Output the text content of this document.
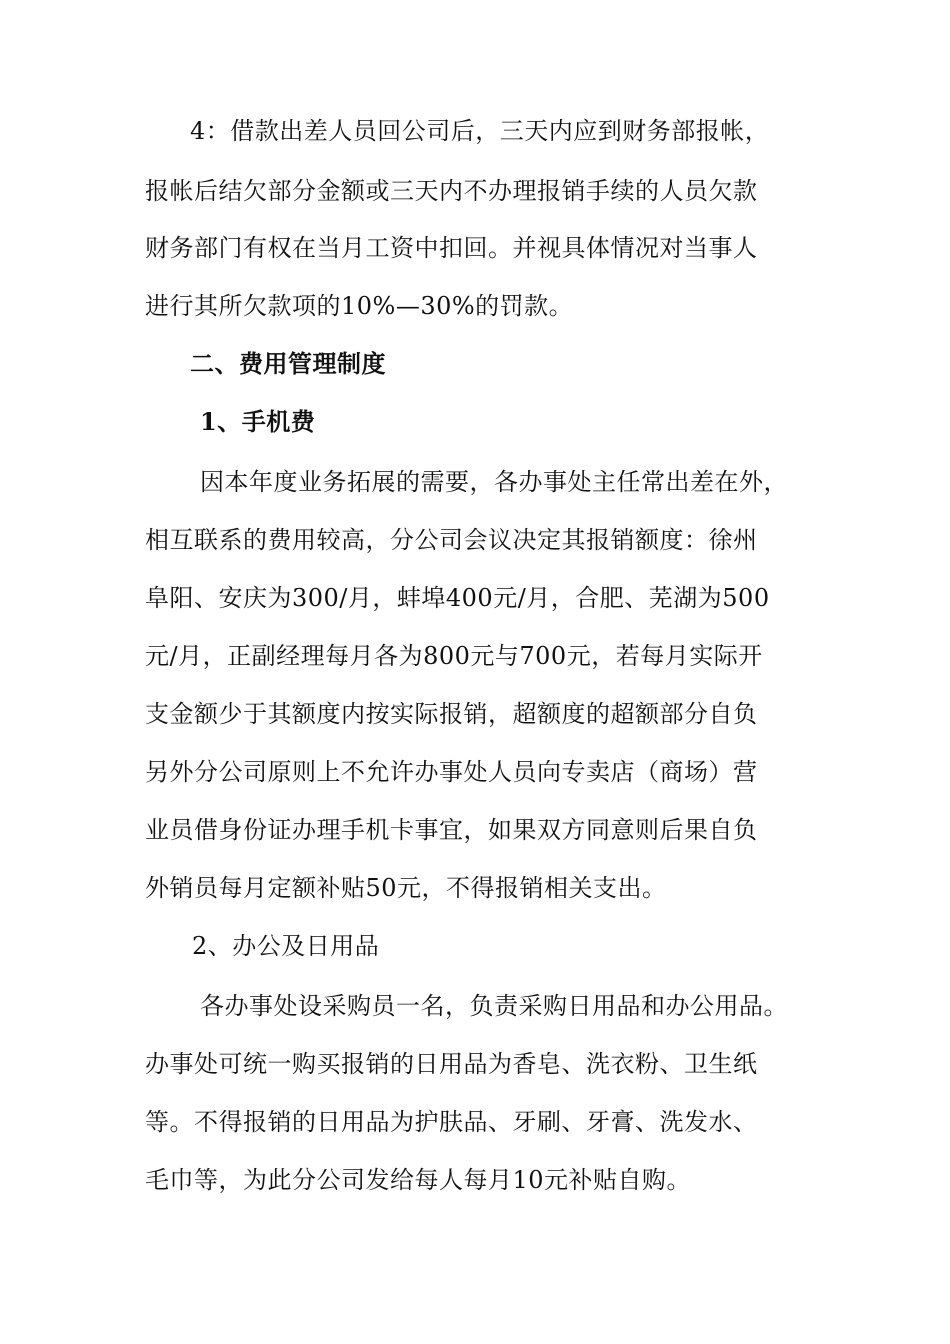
4：借款出差人员回公司后，三天内应到财务部报帐，
报帐后结欠部分金额或三天内不办理报销手续的人员欠款
财务部门有权在当月工资中扣回。并视具体情况对当事人
进行其所欠款项的10%—30%的罚款。
二、费用管理制度
1、手机费
因本年度业务拓展的需要，各办事处主任常出差在外，
相互联系的费用较高，分公司会议决定其报销额度：徐州
阜阳、安庆为300/月，蚌埠400元/月，合肥、芜湖为500
元/月，正副经理每月各为800元与700元，若每月实际开
支金额少于其额度内按实际报销，超额度的超额部分自负
另外分公司原则上不允许办事处人员向专卖店（商场）营
业员借身份证办理手机卡事宜，如果双方同意则后果自负
外销员每月定额补贴50元，不得报销相关支出。
2、办公及日用品
各办事处设采购员一名，负责采购日用品和办公用品。
办事处可统一购买报销的日用品为香皂、洗衣粉、卫生纸
等。不得报销的日用品为护肤品、牙刷、牙膏、洗发水、
毛巾等，为此分公司发给每人每月10元补贴自购。
